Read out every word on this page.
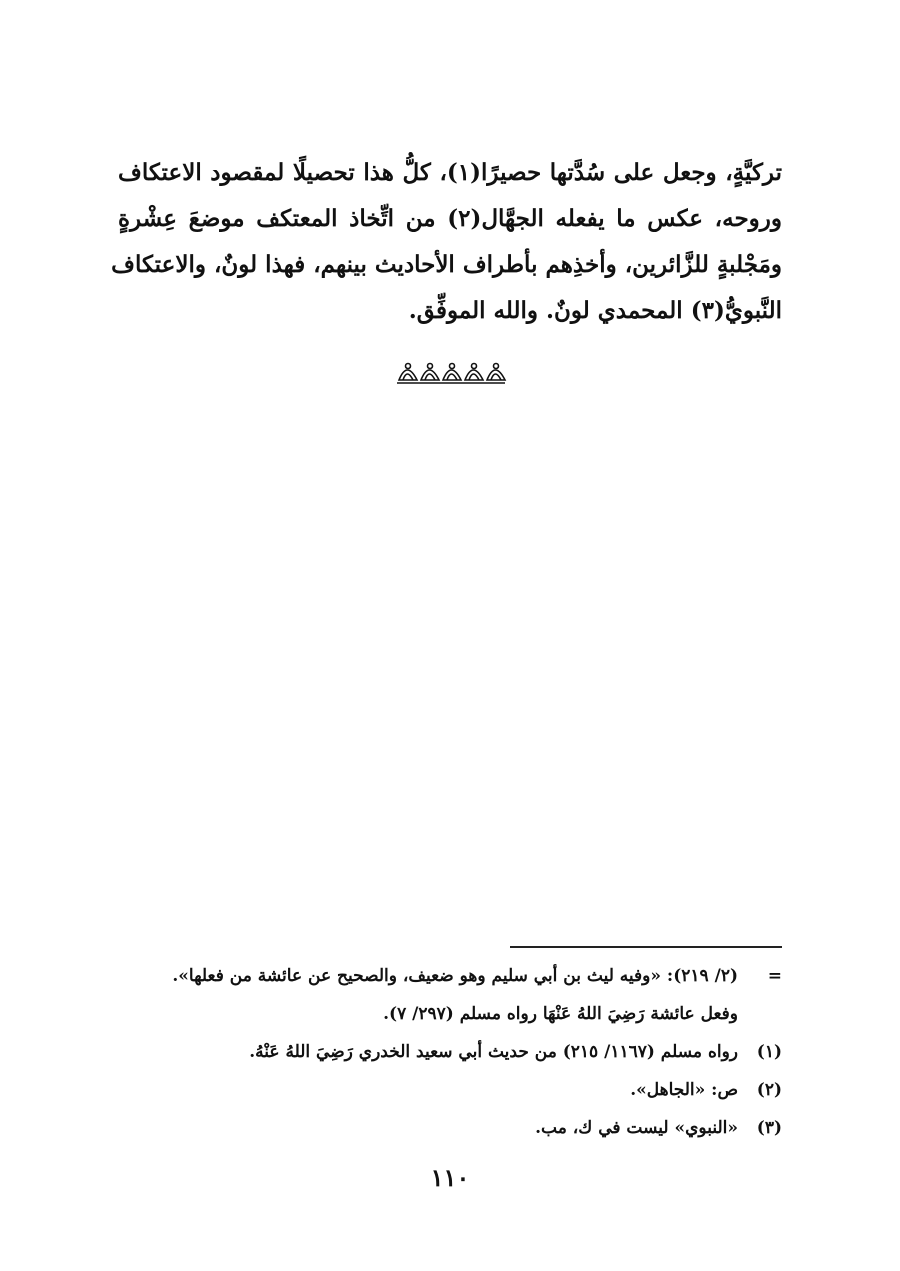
تركيَّةٍ، وجعل على سُدَّتها حصيرًا(١)، كلُّ هذا تحصيلًا لمقصود الاعتكاف
وروحه، عكس ما يفعله الجهَّال(٢) من اتِّخاذ المعتكف موضعَ عِشْرةٍ
ومَجْلبةٍ للزَّائرين، وأخذِهم بأطراف الأحاديث بينهم، فهذا لونٌ، والاعتكاف
النَّبويُّ(٣) المحمدي لونٌ. والله الموفِّق.
=
(٢/ ٢١٩): «وفيه ليث بن أبي سليم وهو ضعيف، والصحيح عن عائشة من فعلها».
وفعل عائشة رَضِيَ اللهُ عَنْهَا رواه مسلم (٢٩٧/ ٧).
(١)
رواه مسلم (١١٦٧/ ٢١٥) من حديث أبي سعيد الخدري رَضِيَ اللهُ عَنْهُ.
(٢)
ص: «الجاهل».
(٣)
«النبوي» ليست في ك، مب.
١١٠
